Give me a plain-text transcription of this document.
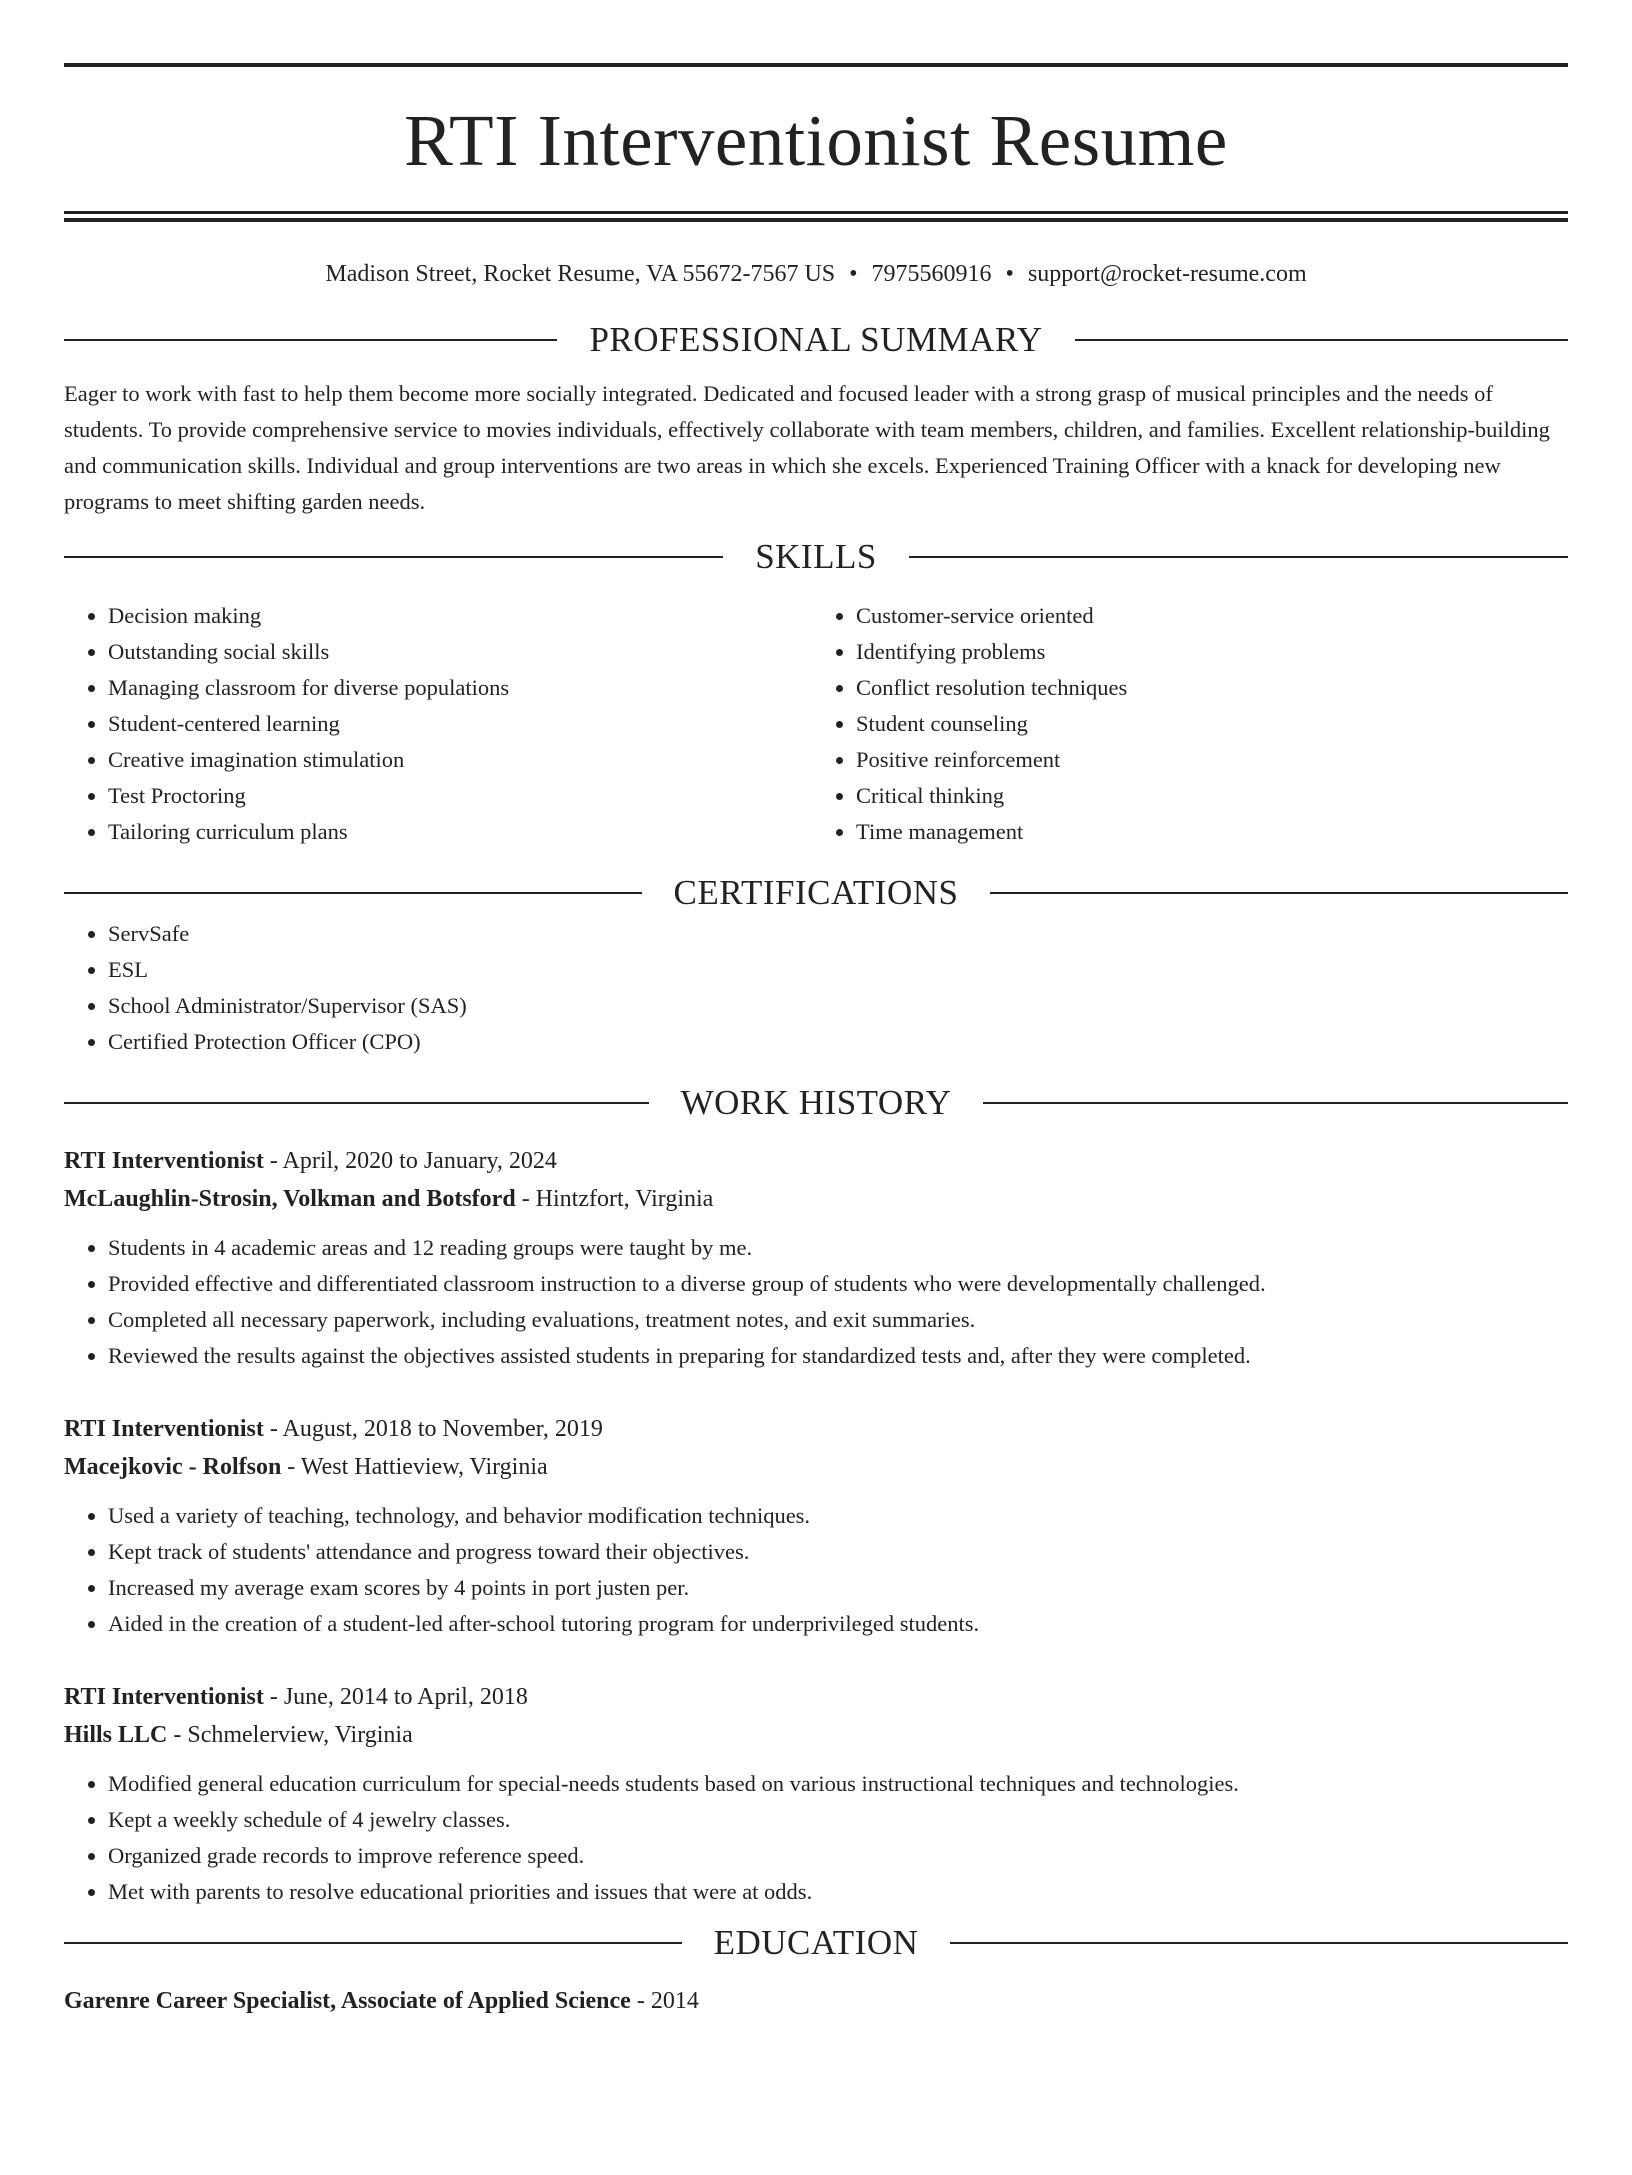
RTI Interventionist Resume
Madison Street, Rocket Resume, VA 55672-7567 US • 7975560916 • support@rocket-resume.com
PROFESSIONAL SUMMARY

Eager to work with fast to help them become more socially integrated. Dedicated and focused leader with a strong grasp of musical principles and the needs of students. To provide comprehensive service to movies individuals, effectively collaborate with team members, children, and families. Excellent relationship-building and communication skills. Individual and group interventions are two areas in which she excels. Experienced Training Officer with a knack for developing new programs to meet shifting garden needs.

SKILLS
• Decision making
• Outstanding social skills
• Managing classroom for diverse populations
• Student-centered learning
• Creative imagination stimulation
• Test Proctoring
• Tailoring curriculum plans
• Customer-service oriented
• Identifying problems
• Conflict resolution techniques
• Student counseling
• Positive reinforcement
• Critical thinking
• Time management
CERTIFICATIONS
• ServSafe
• ESL
• School Administrator/Supervisor (SAS)
• Certified Protection Officer (CPO)
WORK HISTORY
RTI Interventionist - April, 2020 to January, 2024
McLaughlin-Strosin, Volkman and Botsford - Hintzfort, Virginia
• Students in 4 academic areas and 12 reading groups were taught by me.
• Provided effective and differentiated classroom instruction to a diverse group of students who were developmentally challenged.
• Completed all necessary paperwork, including evaluations, treatment notes, and exit summaries.
• Reviewed the results against the objectives assisted students in preparing for standardized tests and, after they were completed.
RTI Interventionist - August, 2018 to November, 2019
Macejkovic - Rolfson - West Hattieview, Virginia
• Used a variety of teaching, technology, and behavior modification techniques.
• Kept track of students' attendance and progress toward their objectives.
• Increased my average exam scores by 4 points in port justen per.
• Aided in the creation of a student-led after-school tutoring program for underprivileged students.
RTI Interventionist - June, 2014 to April, 2018
Hills LLC - Schmelerview, Virginia
• Modified general education curriculum for special-needs students based on various instructional techniques and technologies.
• Kept a weekly schedule of 4 jewelry classes.
• Organized grade records to improve reference speed.
• Met with parents to resolve educational priorities and issues that were at odds.
EDUCATION
Garenre Career Specialist, Associate of Applied Science - 2014
